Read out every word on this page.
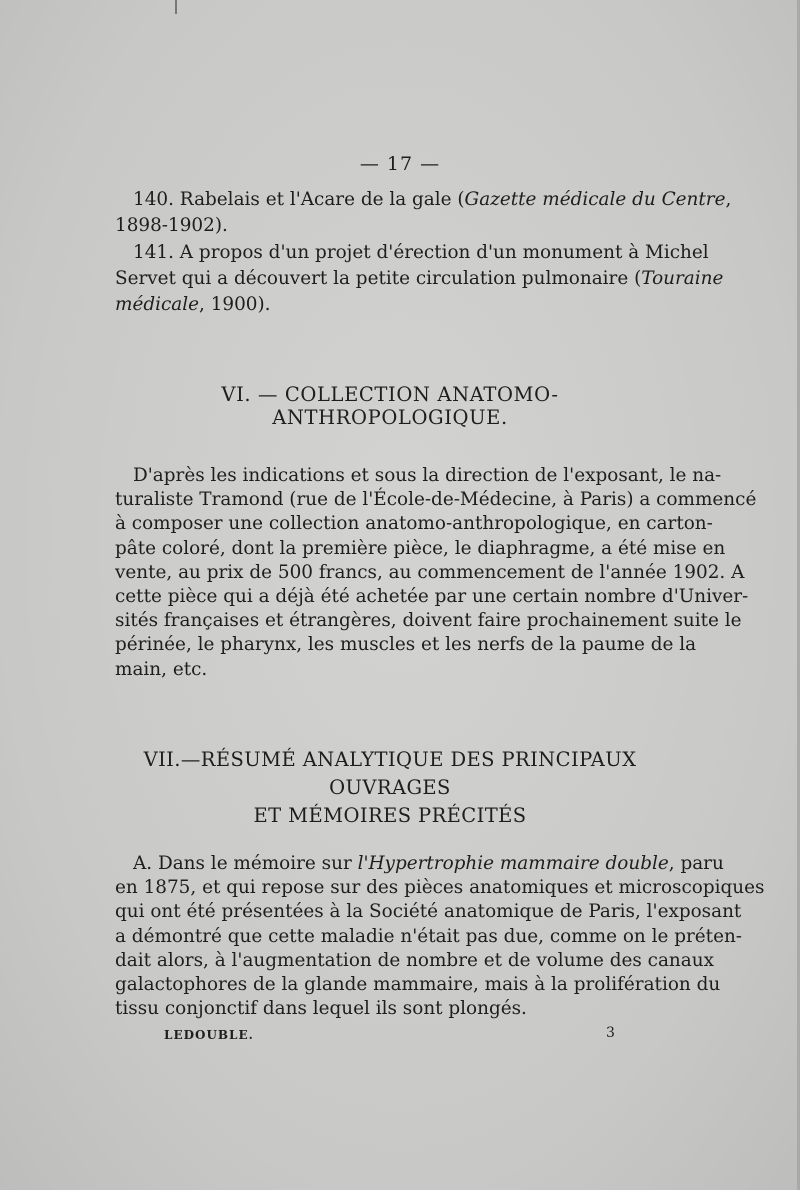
— 17 —
140. Rabelais et l'Acare de la gale (Gazette médicale du Centre,
1898-1902).
141. A propos d'un projet d'érection d'un monument à Michel
Servet qui a découvert la petite circulation pulmonaire (Touraine
médicale, 1900).
VI. — COLLECTION ANATOMO-ANTHROPOLOGIQUE.
D'après les indications et sous la direction de l'exposant, le na-
turaliste Tramond (rue de l'École-de-Médecine, à Paris) a commencé
à composer une collection anatomo-anthropologique, en carton-
pâte coloré, dont la première pièce, le diaphragme, a été mise en
vente, au prix de 500 francs, au commencement de l'année 1902. A
cette pièce qui a déjà été achetée par une certain nombre d'Univer-
sités françaises et étrangères, doivent faire prochainement suite le
périnée, le pharynx, les muscles et les nerfs de la paume de la
main, etc.
VII.—RÉSUMÉ ANALYTIQUE DES PRINCIPAUX OUVRAGES
ET MÉMOIRES PRÉCITÉS
A. Dans le mémoire sur l'Hypertrophie mammaire double, paru
en 1875, et qui repose sur des pièces anatomiques et microscopiques
qui ont été présentées à la Société anatomique de Paris, l'exposant
a démontré que cette maladie n'était pas due, comme on le préten-
dait alors, à l'augmentation de nombre et de volume des canaux
galactophores de la glande mammaire, mais à la prolifération du
tissu conjonctif dans lequel ils sont plongés.
LEDOUBLE.	3
